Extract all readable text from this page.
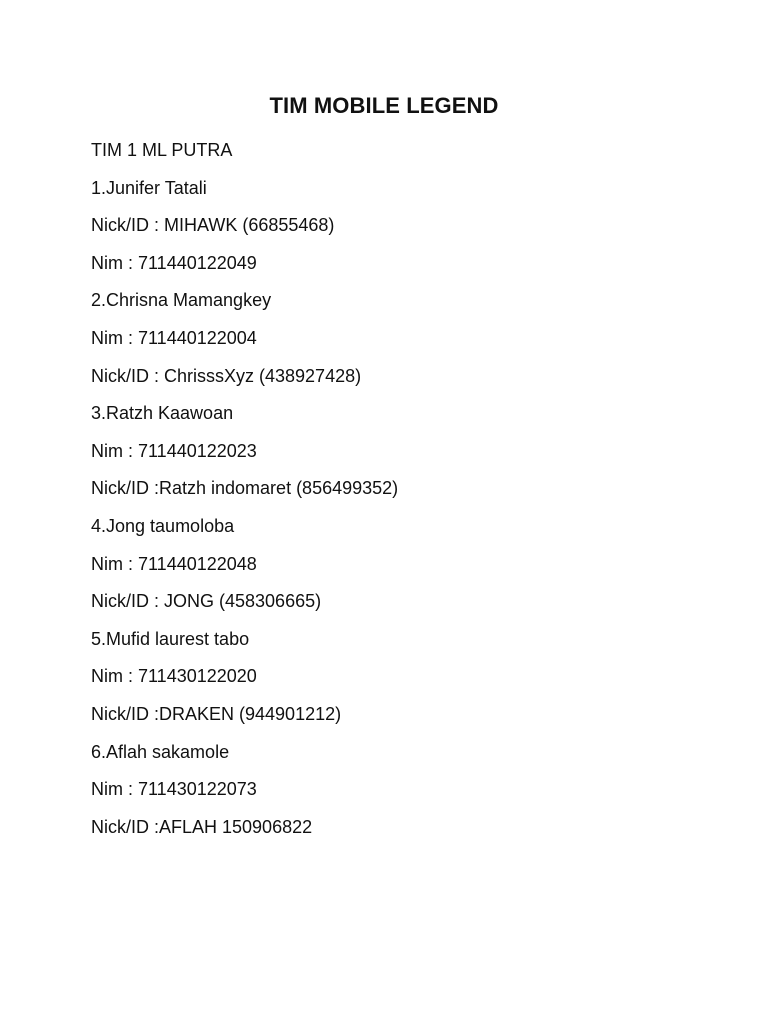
TIM MOBILE LEGEND
TIM 1 ML PUTRA
1.Junifer Tatali
Nick/ID : MIHAWK (66855468)
Nim : 711440122049
2.Chrisna Mamangkey
Nim : 711440122004
Nick/ID : ChrisssXyz (438927428)
3.Ratzh Kaawoan
Nim : 711440122023
Nick/ID :Ratzh indomaret (856499352)
4.Jong taumoloba
Nim : 711440122048
Nick/ID : JONG (458306665)
5.Mufid laurest tabo
Nim : 711430122020
Nick/ID :DRAKEN (944901212)
6.Aflah sakamole
Nim : 711430122073
Nick/ID :AFLAH 150906822
